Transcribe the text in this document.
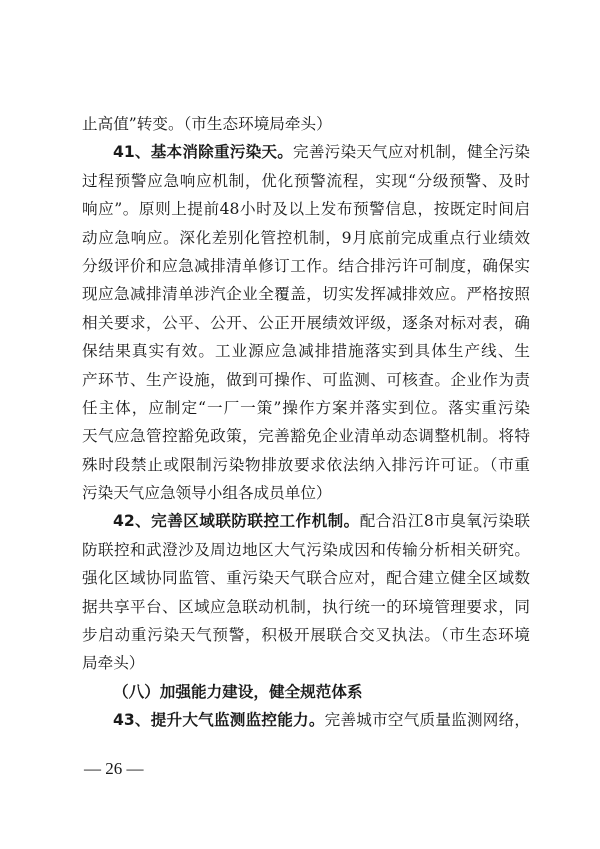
止高值”转变。（市生态环境局牵头）
41、基本消除重污染天。完善污染天气应对机制，健全污染
过程预警应急响应机制，优化预警流程，实现“分级预警、及时
响应”。原则上提前48小时及以上发布预警信息，按既定时间启
动应急响应。深化差别化管控机制，9月底前完成重点行业绩效
分级评价和应急减排清单修订工作。结合排污许可制度，确保实
现应急减排清单涉汽企业全覆盖，切实发挥减排效应。严格按照
相关要求，公平、公开、公正开展绩效评级，逐条对标对表，确
保结果真实有效。工业源应急减排措施落实到具体生产线、生
产环节、生产设施，做到可操作、可监测、可核查。企业作为责
任主体，应制定“一厂一策”操作方案并落实到位。落实重污染
天气应急管控豁免政策，完善豁免企业清单动态调整机制。将特
殊时段禁止或限制污染物排放要求依法纳入排污许可证。（市重
污染天气应急领导小组各成员单位）
42、完善区域联防联控工作机制。配合沿江8市臭氧污染联
防联控和武澄沙及周边地区大气污染成因和传输分析相关研究。
强化区域协同监管、重污染天气联合应对，配合建立健全区域数
据共享平台、区域应急联动机制，执行统一的环境管理要求，同
步启动重污染天气预警，积极开展联合交叉执法。（市生态环境
局牵头）
（八）加强能力建设，健全规范体系
43、提升大气监测监控能力。完善城市空气质量监测网络，
— 26 —
